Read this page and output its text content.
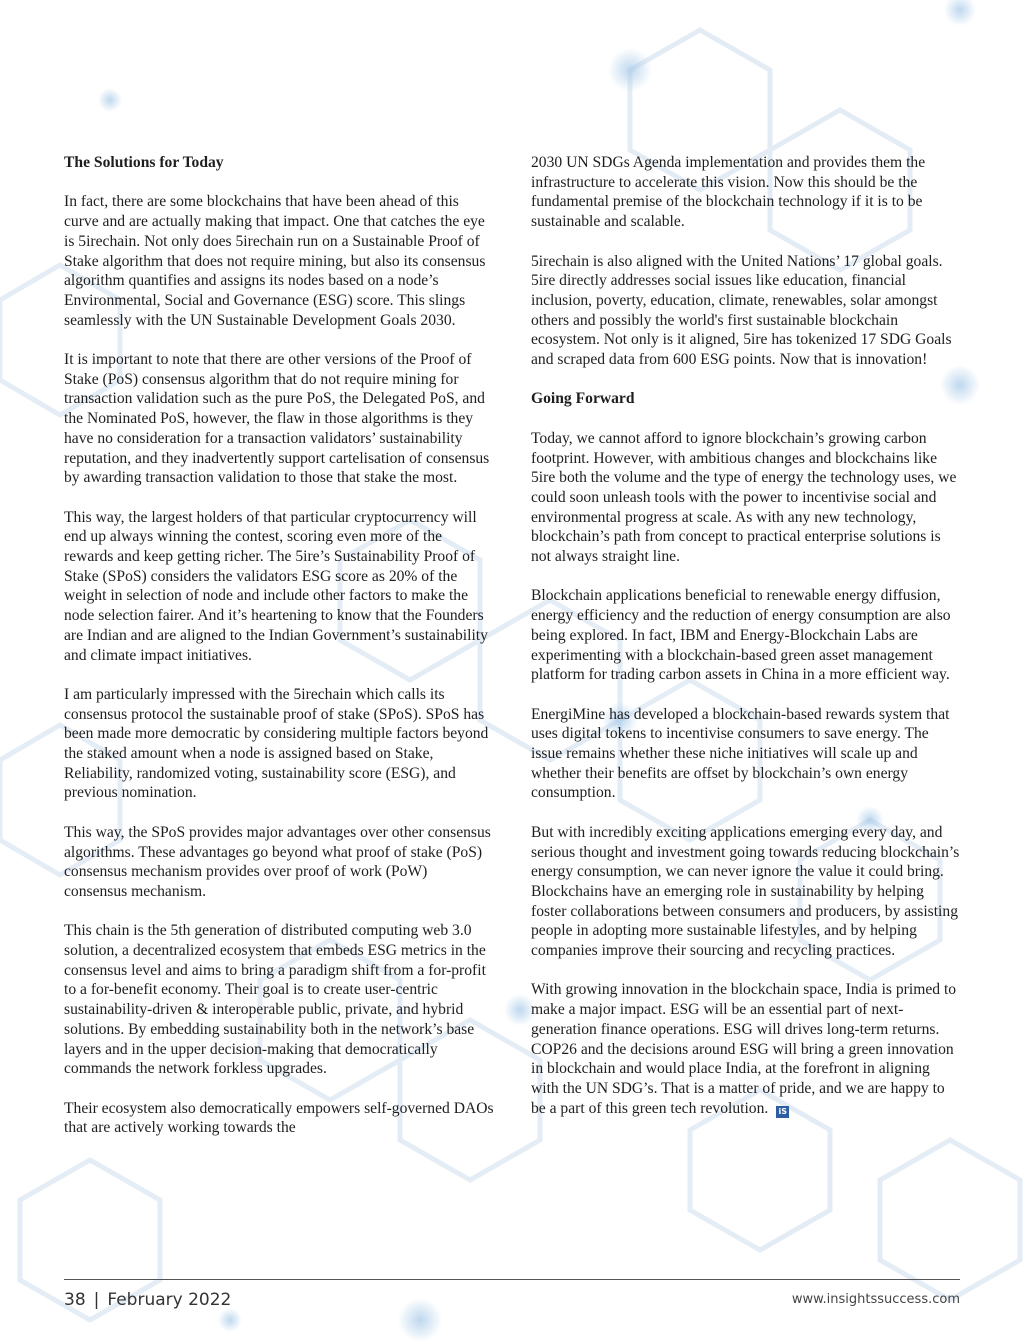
The Solutions for Today

In fact, there are some blockchains that have been ahead of this curve and are actually making that impact. One that catches the eye is 5irechain. Not only does 5irechain run on a Sustainable Proof of Stake algorithm that does not require mining, but also its consensus algorithm quantifies and assigns its nodes based on a node’s Environmental, Social and Governance (ESG) score. This slings seamlessly with the UN Sustainable Development Goals 2030.

It is important to note that there are other versions of the Proof of Stake (PoS) consensus algorithm that do not require mining for transaction validation such as the pure PoS, the Delegated PoS, and the Nominated PoS, however, the flaw in those algorithms is they have no consideration for a transaction validators’ sustainability reputation, and they inadvertently support cartelisation of consensus by awarding transaction validation to those that stake the most.

This way, the largest holders of that particular cryptocurrency will end up always winning the contest, scoring even more of the rewards and keep getting richer. The 5ire’s Sustainability Proof of Stake (SPoS) considers the validators ESG score as 20% of the weight in selection of node and include other factors to make the node selection fairer. And it’s heartening to know that the Founders are Indian and are aligned to the Indian Government’s sustainability and climate impact initiatives.

I am particularly impressed with the 5irechain which calls its consensus protocol the sustainable proof of stake (SPoS). SPoS has been made more democratic by considering multiple factors beyond the staked amount when a node is assigned based on Stake, Reliability, randomized voting, sustainability score (ESG), and previous nomination.

This way, the SPoS provides major advantages over other consensus algorithms. These advantages go beyond what proof of stake (PoS) consensus mechanism provides over proof of work (PoW) consensus mechanism.

This chain is the 5th generation of distributed computing web 3.0 solution, a decentralized ecosystem that embeds ESG metrics in the consensus level and aims to bring a paradigm shift from a for-profit to a for-benefit economy. Their goal is to create user-centric sustainability-driven & interoperable public, private, and hybrid solutions. By embedding sustainability both in the network’s base layers and in the upper decision-making that democratically commands the network forkless upgrades.

Their ecosystem also democratically empowers self-governed DAOs that are actively working towards the

2030 UN SDGs Agenda implementation and provides them the infrastructure to accelerate this vision. Now this should be the fundamental premise of the blockchain technology if it is to be sustainable and scalable.

5irechain is also aligned with the United Nations’ 17 global goals. 5ire directly addresses social issues like education, financial inclusion, poverty, education, climate, renewables, solar amongst others and possibly the world's first sustainable blockchain ecosystem. Not only is it aligned, 5ire has tokenized 17 SDG Goals and scraped data from 600 ESG points. Now that is innovation!

Going Forward

Today, we cannot afford to ignore blockchain’s growing carbon footprint. However, with ambitious changes and blockchains like 5ire both the volume and the type of energy the technology uses, we could soon unleash tools with the power to incentivise social and environmental progress at scale. As with any new technology, blockchain’s path from concept to practical enterprise solutions is not always straight line.

Blockchain applications beneficial to renewable energy diffusion, energy efficiency and the reduction of energy consumption are also being explored. In fact, IBM and Energy-Blockchain Labs are experimenting with a blockchain-based green asset management platform for trading carbon assets in China in a more efficient way.

EnergiMine has developed a blockchain-based rewards system that uses digital tokens to incentivise consumers to save energy. The issue remains whether these niche initiatives will scale up and whether their benefits are offset by blockchain’s own energy consumption.

But with incredibly exciting applications emerging every day, and serious thought and investment going towards reducing blockchain’s energy consumption, we can never ignore the value it could bring. Blockchains have an emerging role in sustainability by helping foster collaborations between consumers and producers, by assisting people in adopting more sustainable lifestyles, and by helping companies improve their sourcing and recycling practices.

With growing innovation in the blockchain space, India is primed to make a major impact. ESG will be an essential part of next-generation finance operations. ESG will drives long-term returns. COP26 and the decisions around ESG will bring a green innovation in blockchain and would place India, at the forefront in aligning with the UN SDG’s. That is a matter of pride, and we are happy to be a part of this green tech revolution. iS

38 | February 2022	www.insightssuccess.com
